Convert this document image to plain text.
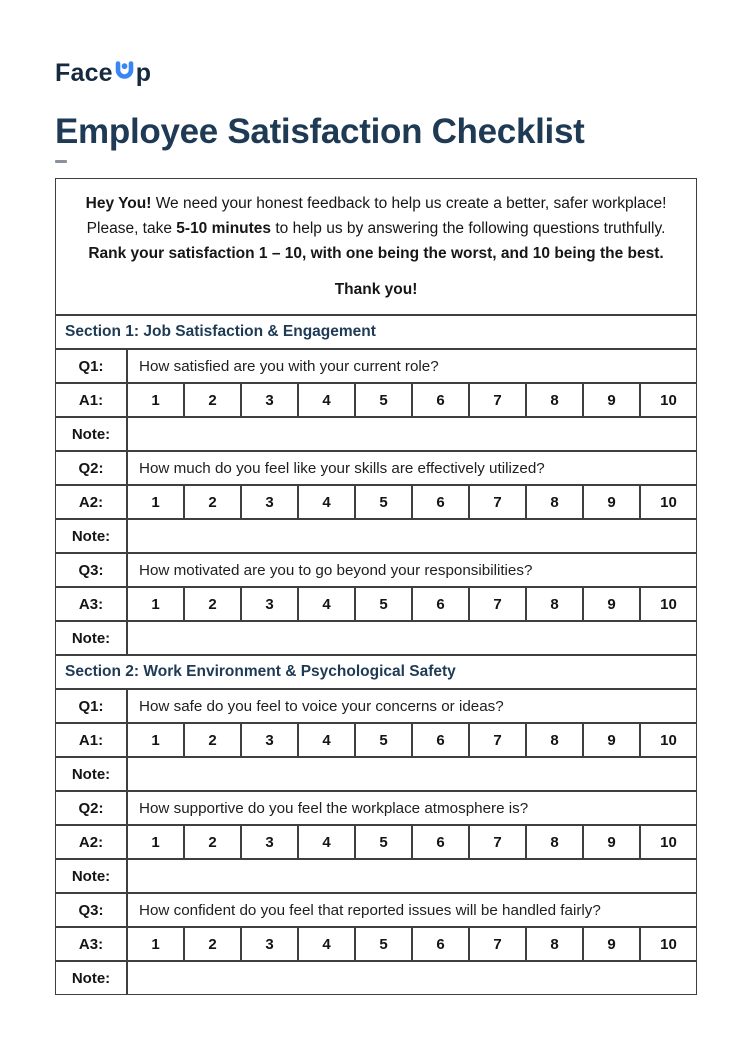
Face p
Employee Satisfaction Checklist
Hey You! We need your honest feedback to help us create a better, safer workplace!
Please, take 5-10 minutes to help us by answering the following questions truthfully.
Rank your satisfaction 1 – 10, with one being the worst, and 10 being the best.
Thank you!										

Section 1: Job Satisfaction & Engagement										
Q1:	How satisfied are you with your current role?									
A1:	1	2	3	4	5	6	7	8	9	10
Note:										
Q2:	How much do you feel like your skills are effectively utilized?									
A2:	1	2	3	4	5	6	7	8	9	10
Note:										
Q3:	How motivated are you to go beyond your responsibilities?									
A3:	1	2	3	4	5	6	7	8	9	10
Note:										
Section 2: Work Environment & Psychological Safety										
Q1:	How safe do you feel to voice your concerns or ideas?									
A1:	1	2	3	4	5	6	7	8	9	10
Note:										
Q2:	How supportive do you feel the workplace atmosphere is?									
A2:	1	2	3	4	5	6	7	8	9	10
Note:										
Q3:	How confident do you feel that reported issues will be handled fairly?									
A3:	1	2	3	4	5	6	7	8	9	10
Note:										
